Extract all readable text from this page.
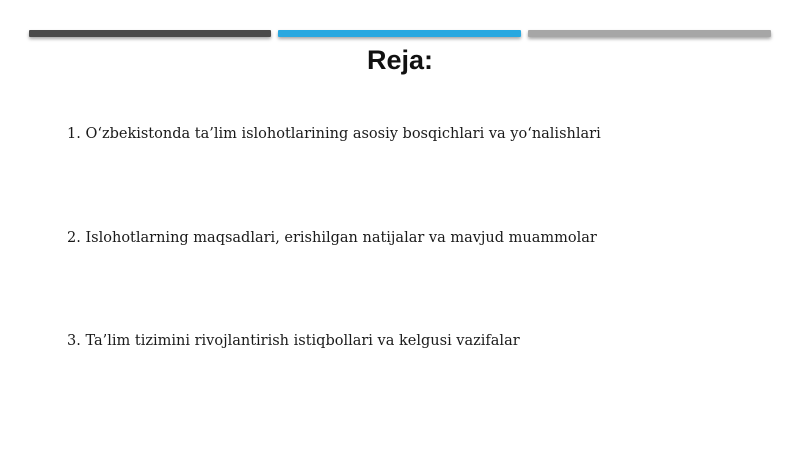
Reja:
1. O‘zbekistonda ta’lim islohotlarining asosiy bosqichlari va yo‘nalishlari
2. Islohotlarning maqsadlari, erishilgan natijalar va mavjud muammolar
3. Ta’lim tizimini rivojlantirish istiqbollari va kelgusi vazifalar
